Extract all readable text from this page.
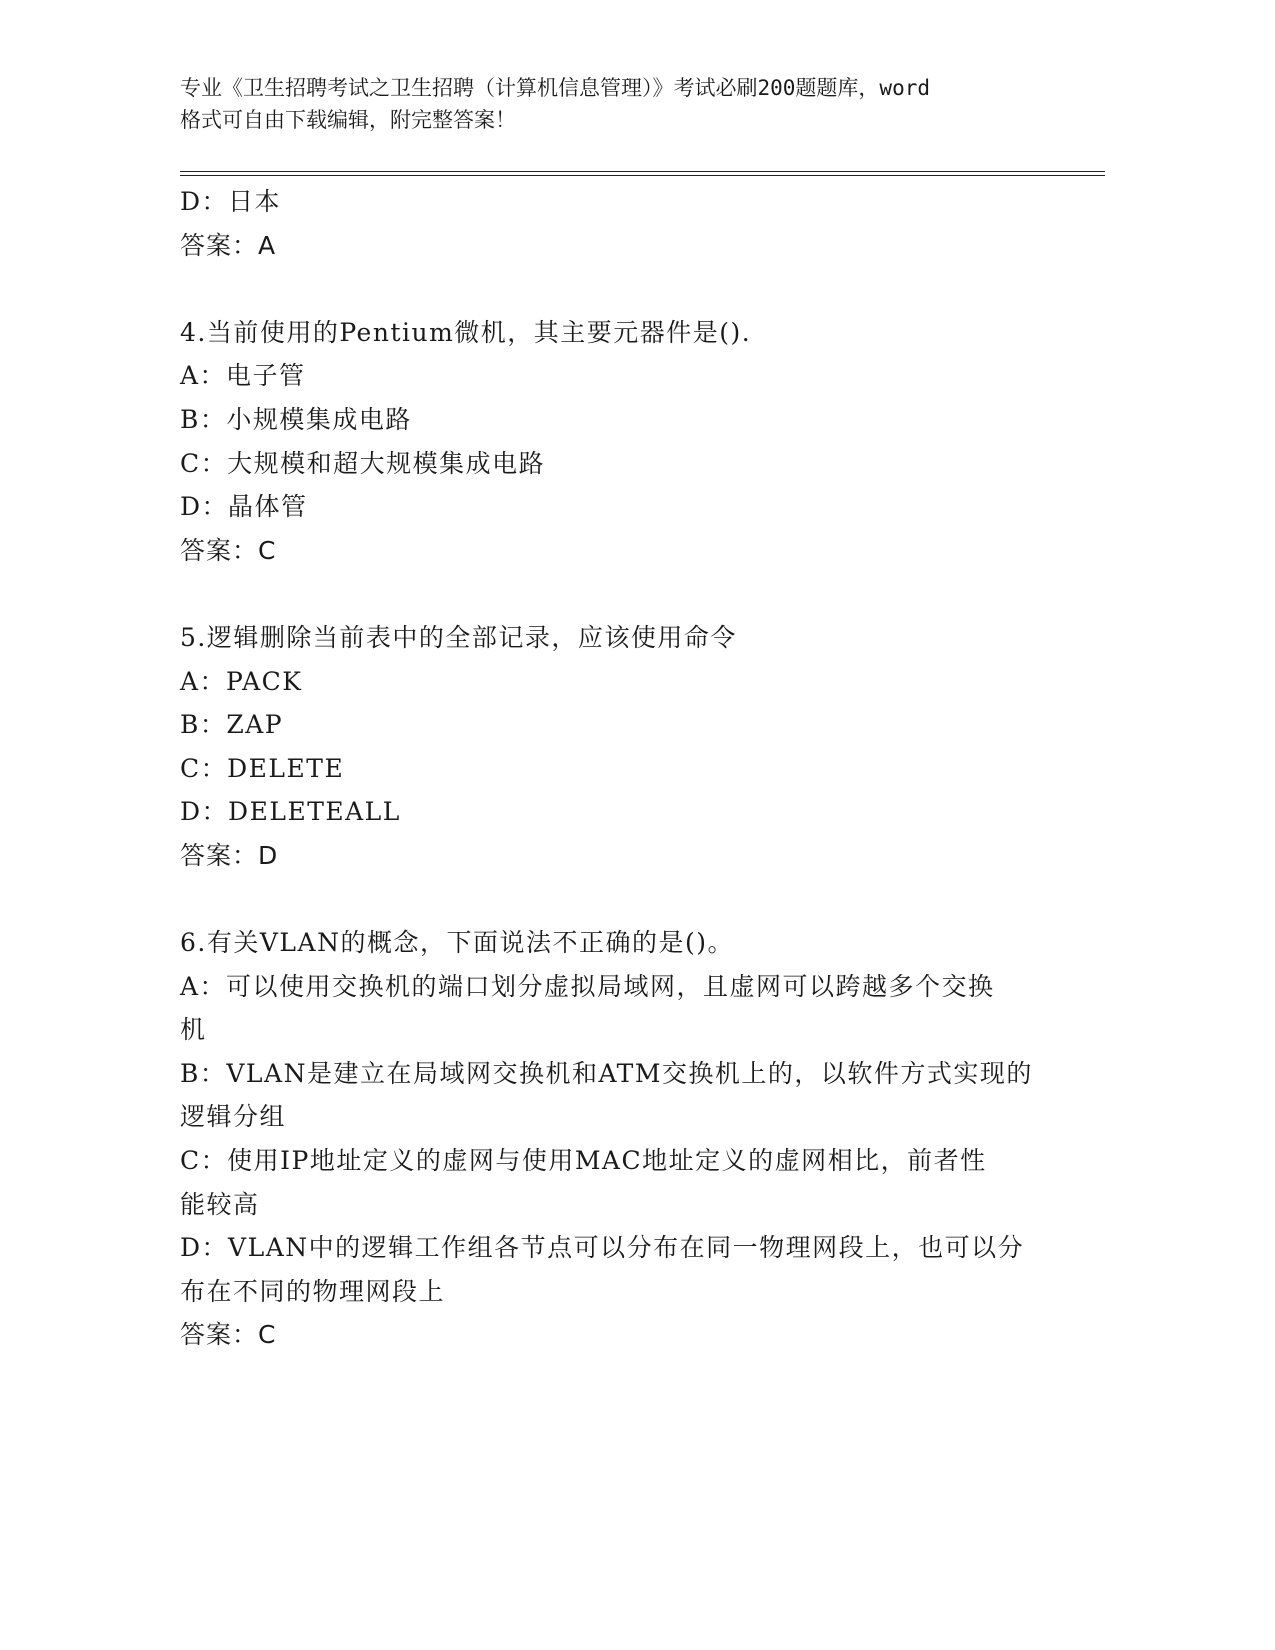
专业《卫生招聘考试之卫生招聘（计算机信息管理）》考试必刷200题题库，word
格式可自由下载编辑，附完整答案！
D：日本
答案：A
4.当前使用的Pentium微机，其主要元器件是().
A：电子管
B：小规模集成电路
C：大规模和超大规模集成电路
D：晶体管
答案：C
5.逻辑删除当前表中的全部记录，应该使用命令
A：PACK
B：ZAP
C：DELETE
D：DELETEALL
答案：D
6.有关VLAN的概念，下面说法不正确的是()。
A：可以使用交换机的端口划分虚拟局域网，且虚网可以跨越多个交换
机
B：VLAN是建立在局域网交换机和ATM交换机上的，以软件方式实现的
逻辑分组
C：使用IP地址定义的虚网与使用MAC地址定义的虚网相比，前者性
能较高
D：VLAN中的逻辑工作组各节点可以分布在同一物理网段上，也可以分
布在不同的物理网段上
答案：C
